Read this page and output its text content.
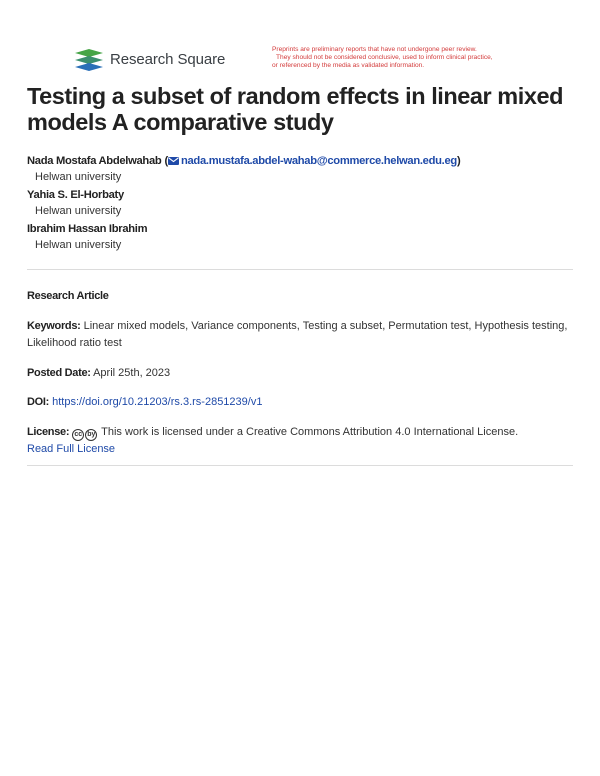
Research Square
Preprints are preliminary reports that have not undergone peer review.
They should not be considered conclusive, used to inform clinical practice,
or referenced by the media as validated information.
Testing a subset of random effects in linear mixed models A comparative study
Nada Mostafa Abdelwahab ( nada.mustafa.abdel-wahab@commerce.helwan.edu.eg)
Helwan university
Yahia S. El-Horbaty
Helwan university
Ibrahim Hassan Ibrahim
Helwan university
Research Article
Keywords: Linear mixed models, Variance components, Testing a subset, Permutation test, Hypothesis testing, Likelihood ratio test
Posted Date: April 25th, 2023
DOI: https://doi.org/10.21203/rs.3.rs-2851239/v1
License: cc by This work is licensed under a Creative Commons Attribution 4.0 International License.
Read Full License
